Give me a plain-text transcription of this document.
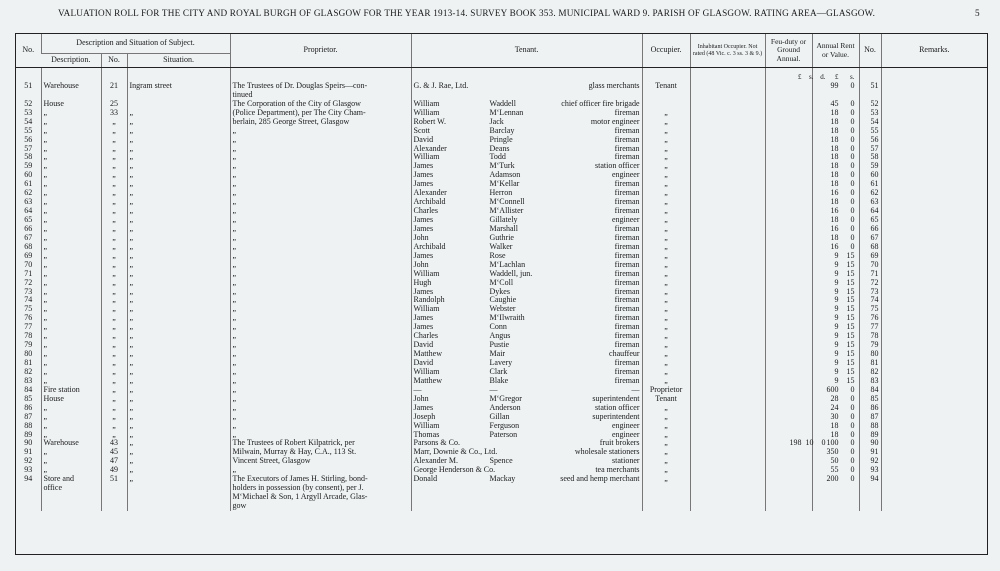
VALUATION ROLL FOR THE CITY AND ROYAL BURGH OF GLASGOW FOR THE YEAR 1913-14. SURVEY BOOK 353. MUNICIPAL WARD 9. PARISH OF GLASGOW. RATING AREA—GLASGOW.	5
No.	Description and Situation of Subject.			Proprietor.	Tenant.	Occupier.	Inhabitant Occupier. Not rated (48 Vic. c. 3 ss. 3 & 9.)	Feu-duty or Ground Annual.	Annual Rent or Value.	No.	Remarks.
	Description.	No.	Situation.								

			£ s. d.	£ s.		
51	Warehouse	21	Ingram street	The Trustees of Dr. Douglas Speirs—con-	G. & J. Rae, Ltd. glass merchants	Tenant			99 0	51	
				tinued	

52	House	25		The Corporation of the City of Glasgow	William Waddell chief officer fire brigade				45 0	52	
53	„	33	„	(Police Department), per The City Cham-	William M‘Lennan fireman	„			18 0	53	
54	„	„	„	berlain, 285 George Street, Glasgow	Robert W. Jack motor engineer	„			18 0	54	
55	„	„	„	„	Scott Barclay fireman	„			18 0	55	
56	„	„	„	„	David Pringle fireman	„			18 0	56	
57	„	„	„	„	Alexander Deans fireman	„			18 0	57	
58	„	„	„	„	William Todd fireman	„			18 0	58	
59	„	„	„	„	James M‘Turk station officer	„			18 0	59	
60	„	„	„	„	James Adamson engineer	„			18 0	60	
61	„	„	„	„	James M‘Kellar fireman	„			18 0	61	
62	„	„	„	„	Alexander Herron fireman	„			16 0	62	
63	„	„	„	„	Archibald M‘Connell fireman	„			18 0	63	
64	„	„	„	„	Charles M‘Allister fireman	„			16 0	64	
65	„	„	„	„	James Gillately engineer	„			18 0	65	
66	„	„	„	„	James Marshall fireman	„			16 0	66	
67	„	„	„	„	John Guthrie fireman	„			18 0	67	
68	„	„	„	„	Archibald Walker fireman	„			16 0	68	
69	„	„	„	„	James Rose fireman	„			9 15	69	
70	„	„	„	„	John M‘Lachlan fireman	„			9 15	70	
71	„	„	„	„	William Waddell, jun. fireman	„			9 15	71	
72	„	„	„	„	Hugh M‘Coll fireman	„			9 15	72	
73	„	„	„	„	James Dykes fireman	„			9 15	73	
74	„	„	„	„	Randolph Caughie fireman	„			9 15	74	
75	„	„	„	„	William Webster fireman	„			9 15	75	
76	„	„	„	„	James M‘Ilwraith fireman	„			9 15	76	
77	„	„	„	„	James Conn fireman	„			9 15	77	
78	„	„	„	„	Charles Angus fireman	„			9 15	78	
79	„	„	„	„	David Pustie fireman	„			9 15	79	
80	„	„	„	„	Matthew Mair chauffeur	„			9 15	80	
81	„	„	„	„	David Lavery fireman	„			9 15	81	
82	„	„	„	„	William Clark fireman	„			9 15	82	
83	„	„	„	„	Matthew Blake fireman	„			9 15	83	
84	Fire station	„	„	„	— — —	Proprietor			600 0	84	
85	House	„	„	„	John M‘Gregor superintendent	Tenant			28 0	85	
86	„	„	„	„	James Anderson station officer	„			24 0	86	
87	„	„	„	„	Joseph Gillan superintendent	„			30 0	87	
88	„	„	„	„	William Ferguson engineer	„			18 0	88	
89	„	„	„	„	Thomas Paterson engineer	„			18 0	89	
90	Warehouse	43	„	The Trustees of Robert Kilpatrick, per	Parsons & Co. fruit brokers	„		198 10 0	100 0	90	
91	„	45	„	Milwain, Murray & Hay, C.A., 113 St.	Marr, Downie & Co., Ltd. wholesale stationers	„			350 0	91	
92	„	47	„	Vincent Street, Glasgow	Alexander M. Spence stationer	„			50 0	92	
93	„	49	„	„	George Henderson & Co. tea merchants	„			55 0	93	
94	Store and	51	„	The Executors of James H. Stirling, bond-	Donald Mackay seed and hemp merchant	„			200 0	94	
	office			holders in possession (by consent), per J.	

				M‘Michael & Son, 1 Argyll Arcade, Glas-	

				gow	
